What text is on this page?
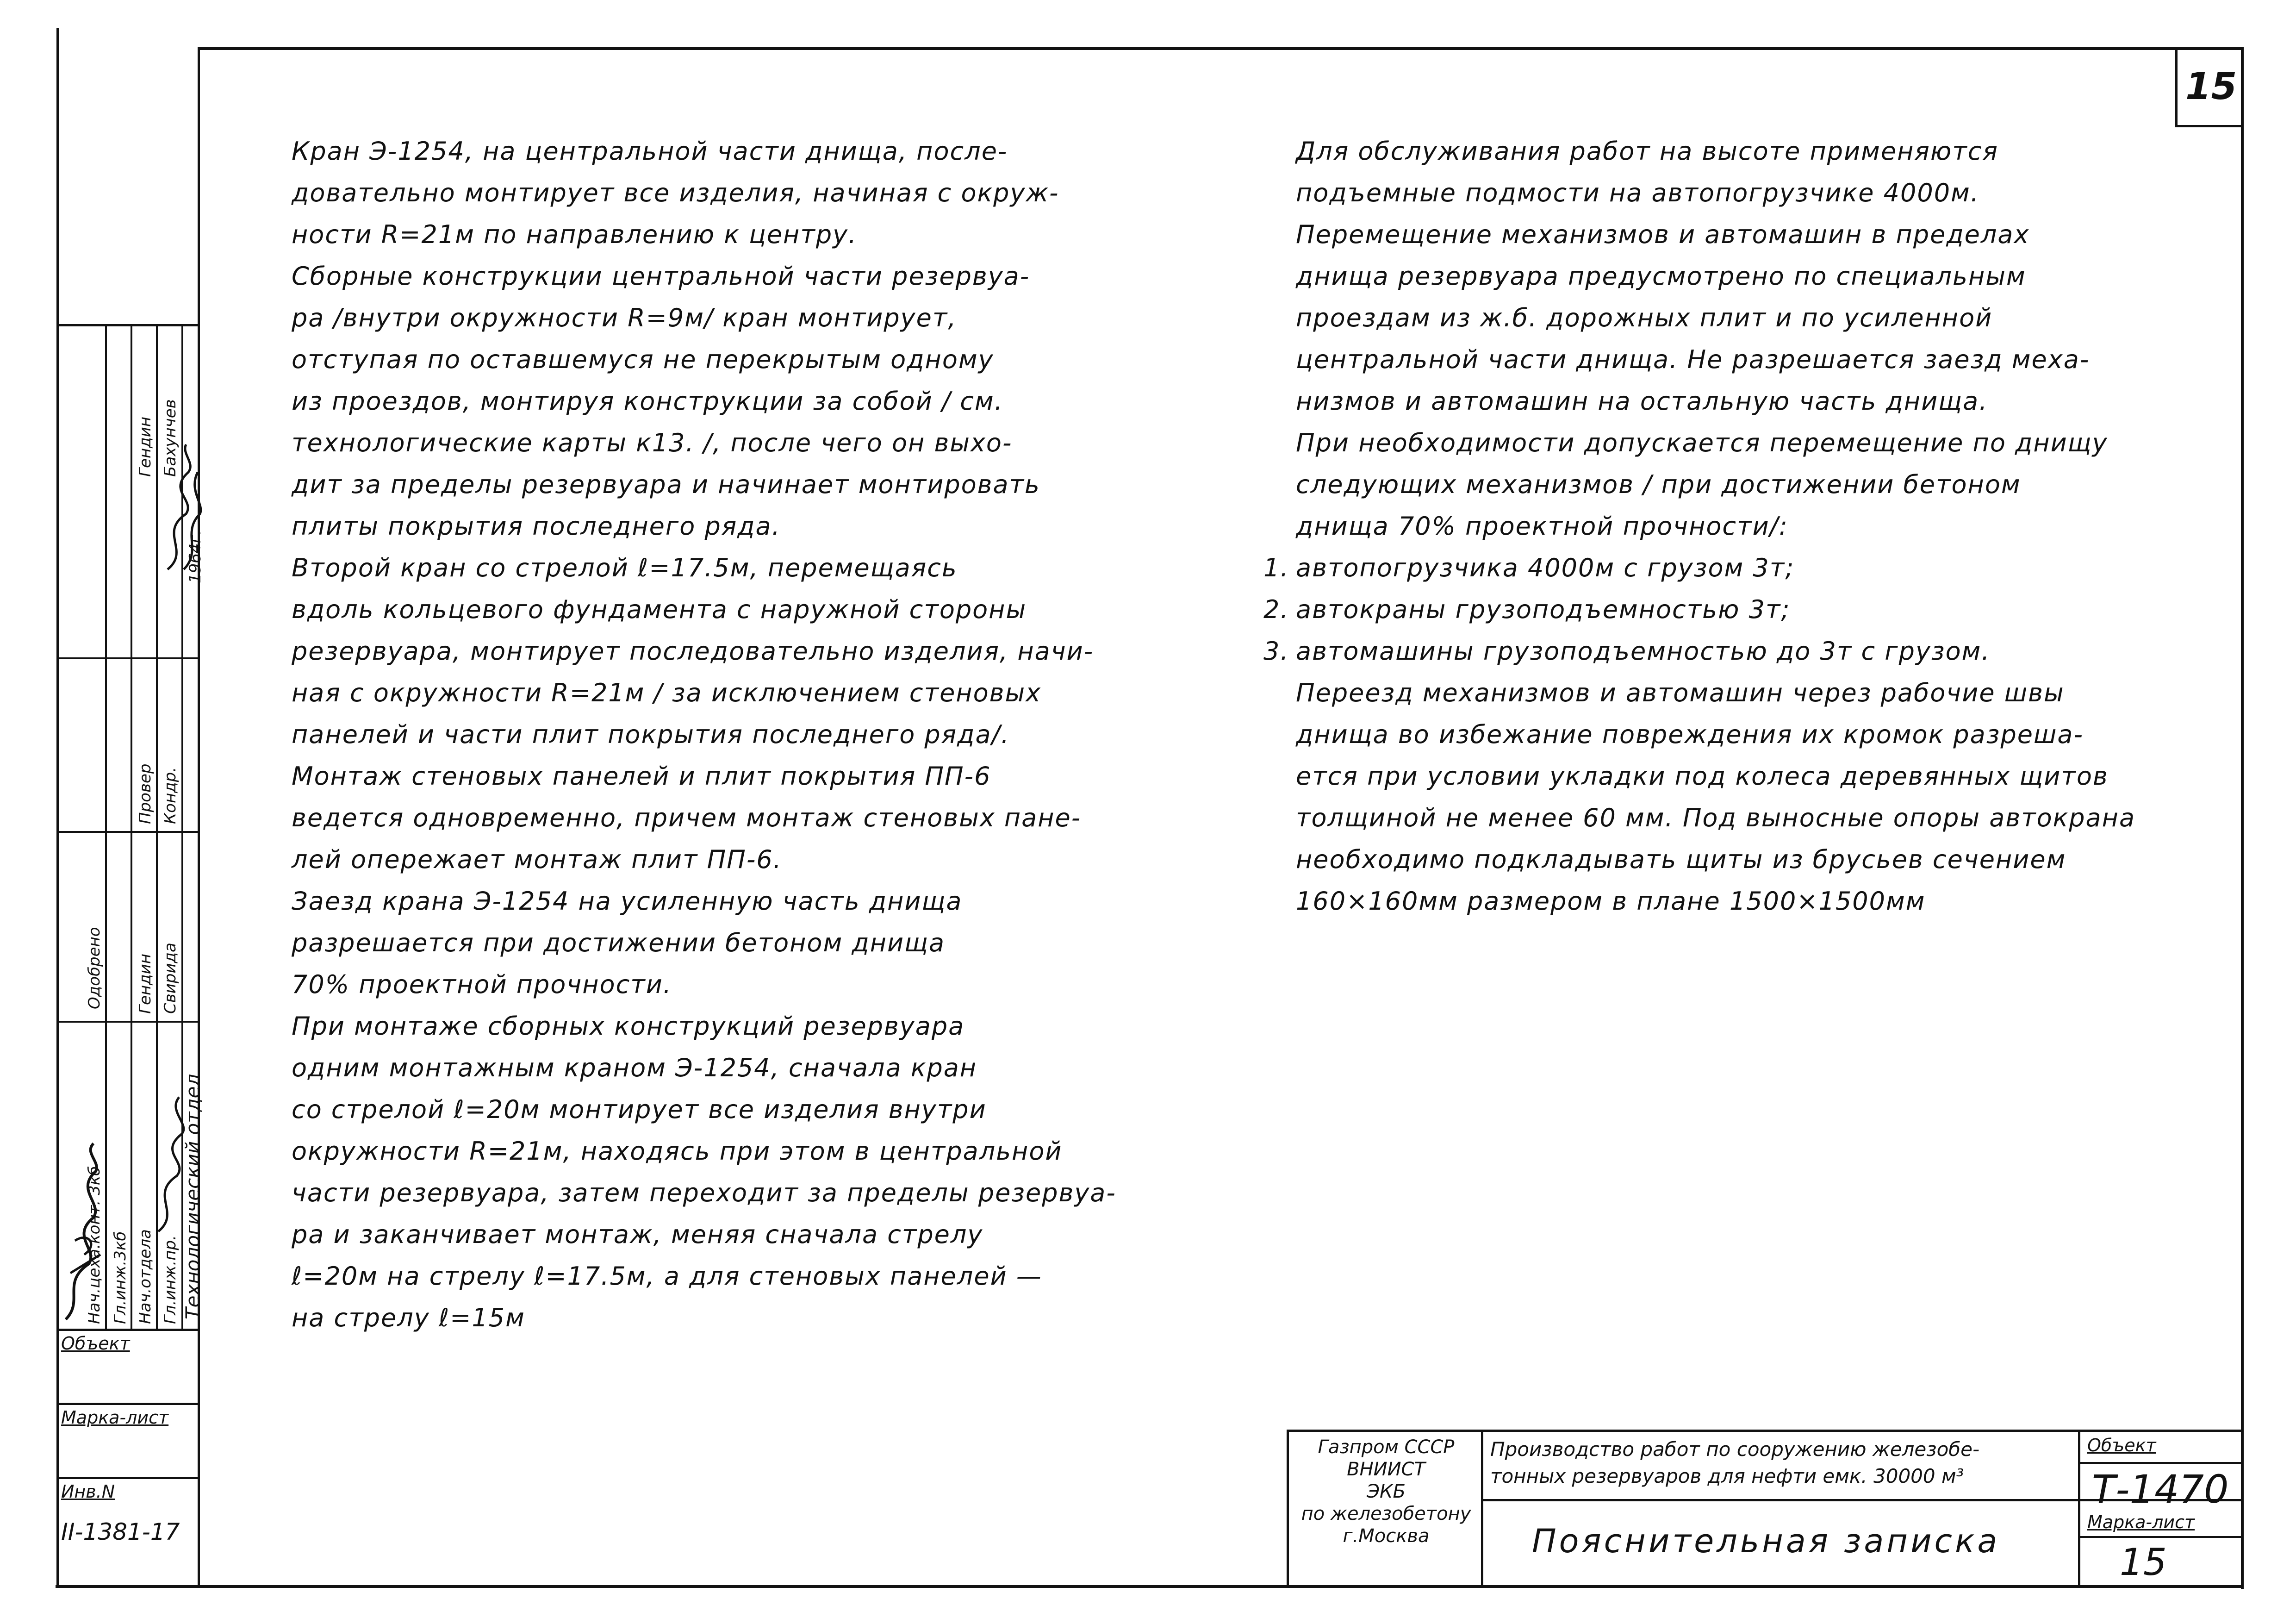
15
Кран Э-1254, на центральной части днища, после-
довательно монтирует все изделия, начиная с окруж-
ности R=21м по направлению к центру.
Сборные конструкции центральной части резервуа-
ра /внутри окружности R=9м/ кран монтирует,
отступая по оставшемуся не перекрытым одному
из проездов, монтируя конструкции за собой / см.
технологические карты к13. /, после чего он выхо-
дит за пределы резервуара и начинает монтировать
плиты покрытия последнего ряда.
Второй кран со стрелой ℓ=17.5м, перемещаясь
вдоль кольцевого фундамента с наружной стороны
резервуара, монтирует последовательно изделия, начи-
ная с окружности R=21м / за исключением стеновых
панелей и части плит покрытия последнего ряда/.
Монтаж стеновых панелей и плит покрытия ПП-6
ведется одновременно, причем монтаж стеновых пане-
лей опережает монтаж плит ПП-6.
Заезд крана Э-1254 на усиленную часть днища
разрешается при достижении бетоном днища
70% проектной прочности.
При монтаже сборных конструкций резервуара
одним монтажным краном Э-1254, сначала кран
со стрелой ℓ=20м монтирует все изделия внутри
окружности R=21м, находясь при этом в центральной
части резервуара, затем переходит за пределы резервуа-
ра и заканчивает монтаж, меняя сначала стрелу
ℓ=20м на стрелу ℓ=17.5м, а для стеновых панелей —
на стрелу ℓ=15м
Для обслуживания работ на высоте применяются
подъемные подмости на автопогрузчике 4000м.
Перемещение механизмов и автомашин в пределах
днища резервуара предусмотрено по специальным
проездам из ж.б. дорожных плит и по усиленной
центральной части днища. Не разрешается заезд меха-
низмов и автомашин на остальную часть днища.
При необходимости допускается перемещение по днищу
следующих механизмов / при достижении бетоном
днища 70% проектной прочности/:
1. автопогрузчика 4000м с грузом 3т;
2. автокраны грузоподъемностью 3т;
3. автомашины грузоподъемностью до 3т с грузом.
Переезд механизмов и автомашин через рабочие швы
днища во избежание повреждения их кромок разреша-
ется при условии укладки под колеса деревянных щитов
толщиной не менее 60 мм. Под выносные опоры автокрана
необходимо подкладывать щиты из брусьев сечением
160×160мм размером в плане 1500×1500мм
Нач.цеха.конт. 3кб Гл.инж.3кб Нач.отдела Гл.инж.пр. Технологический отдел
Одобрено Гендин Свирида
Провер Кондр.
Гендин Бахунчев
1964г.
Объект
Марка-лист
Инв.N
II-1381-17
Газпром СССР
ВНИИСТ
ЭКБ
по железобетону
г.Москва
Производство работ по сооружению железобе-
тонных резервуаров для нефти емк. 30000 м³
Пояснительная записка
Объект
Т-1470
Марка-лист
15
